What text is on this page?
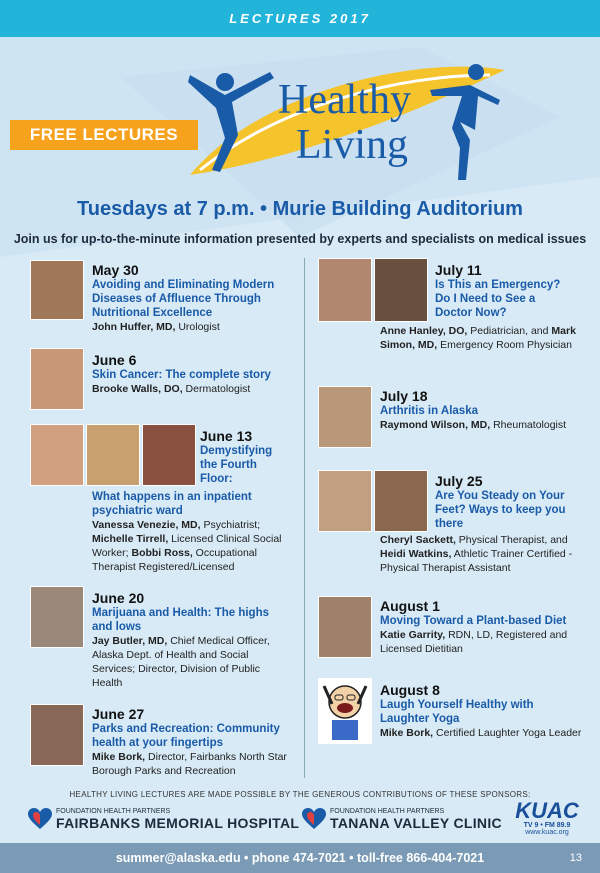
LECTURES 2017
FREE LECTURES
Healthy
Living
Tuesdays at 7 p.m. • Murie Building Auditorium
Join us for up-to-the-minute information presented by experts and specialists on medical issues
May 30
Avoiding and Eliminating Modern Diseases of Affluence Through Nutritional Excellence
John Huffer, MD, Urologist
June 6
Skin Cancer: The complete story
Brooke Walls, DO, Dermatologist
June 13
Demystifying the Fourth Floor:
What happens in an inpatient psychiatric ward
Vanessa Venezie, MD, Psychiatrist; Michelle Tirrell, Licensed Clinical Social Worker; Bobbi Ross, Occupational Therapist Registered/Licensed
June 20
Marijuana and Health: The highs and lows
Jay Butler, MD, Chief Medical Officer, Alaska Dept. of Health and Social Services; Director, Division of Public Health
June 27
Parks and Recreation: Community health at your fingertips
Mike Bork, Director, Fairbanks North Star Borough Parks and Recreation
July 11
Is This an Emergency? Do I Need to See a Doctor Now?
Anne Hanley, DO, Pediatrician, and Mark Simon, MD, Emergency Room Physician
July 18
Arthritis in Alaska
Raymond Wilson, MD, Rheumatologist
July 25
Are You Steady on Your Feet? Ways to keep you there
Cheryl Sackett, Physical Therapist, and Heidi Watkins, Athletic Trainer Certified - Physical Therapist Assistant
August 1
Moving Toward a Plant-based Diet
Katie Garrity, RDN, LD, Registered and Licensed Dietitian
August 8
Laugh Yourself Healthy with Laughter Yoga
Mike Bork, Certified Laughter Yoga Leader
HEALTHY LIVING LECTURES ARE MADE POSSIBLE BY THE GENEROUS CONTRIBUTIONS OF THESE SPONSORS:
FOUNDATION HEALTH PARTNERS
FAIRBANKS MEMORIAL HOSPITAL
FOUNDATION HEALTH PARTNERS
TANANA VALLEY CLINIC KUAC
TV 9 • FM 89.9
www.kuac.org
summer@alaska.edu • phone 474-7021 • toll-free 866-404-7021	13
